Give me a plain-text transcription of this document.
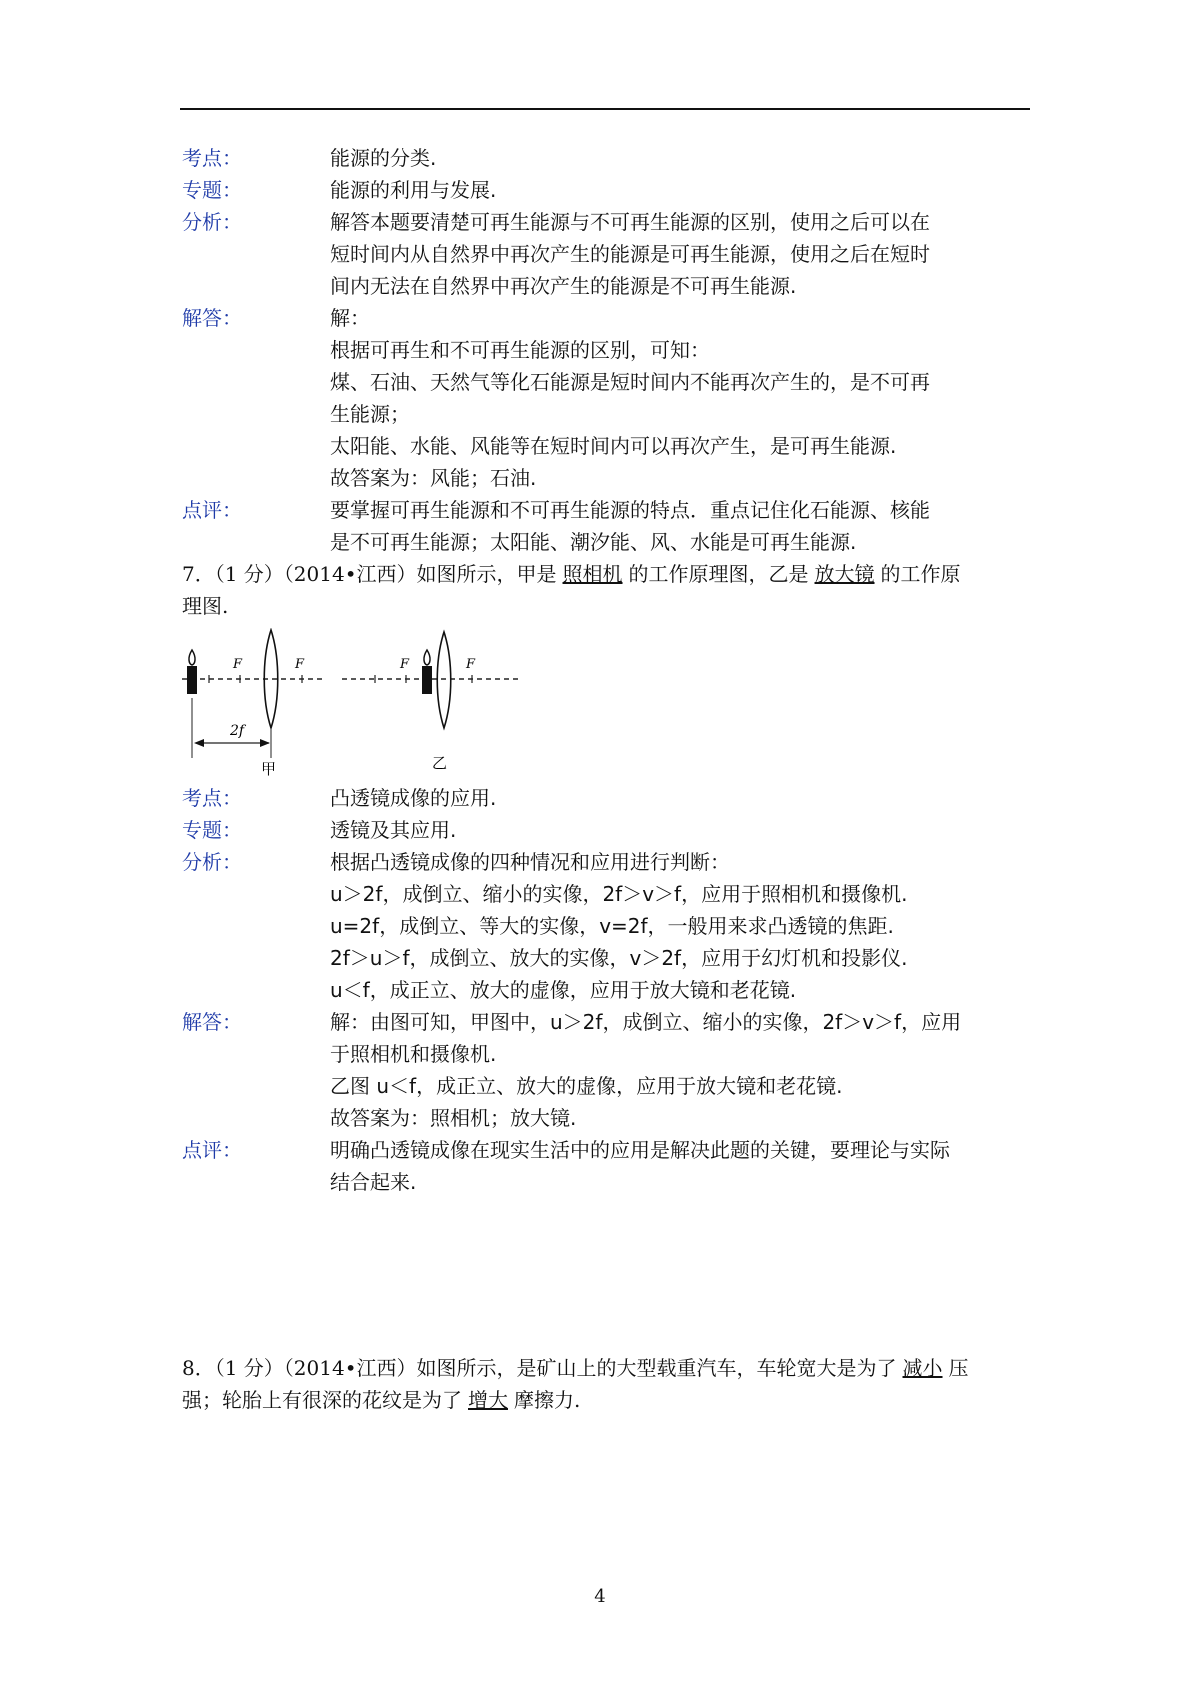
考点：	能源的分类.

专题：	能源的利用与发展.

分析：	解答本题要清楚可再生能源与不可再生能源的区别，使用之后可以在

短时间内从自然界中再次产生的能源是可再生能源，使用之后在短时

间内无法在自然界中再次产生的能源是不可再生能源.

解答：	解：

根据可再生和不可再生能源的区别，可知：

煤、石油、天然气等化石能源是短时间内不能再次产生的，是不可再

生能源；

太阳能、水能、风能等在短时间内可以再次产生，是可再生能源.

故答案为：风能；石油.

点评：	要掌握可再生能源和不可再生能源的特点．重点记住化石能源、核能

是不可再生能源；太阳能、潮汐能、风、水能是可再生能源.

7．（1 分）（2014•江西）如图所示，甲是 照相机 的工作原理图，乙是 放大镜 的工作原

理图.

F	F
2f
甲
F	F
乙
考点：	凸透镜成像的应用.

专题：	透镜及其应用.

分析：	根据凸透镜成像的四种情况和应用进行判断：

u＞2f，成倒立、缩小的实像，2f＞v＞f，应用于照相机和摄像机.

u=2f，成倒立、等大的实像，v=2f，一般用来求凸透镜的焦距.

2f＞u＞f，成倒立、放大的实像，v＞2f，应用于幻灯机和投影仪.

u＜f，成正立、放大的虚像，应用于放大镜和老花镜.

解答：	解：由图可知，甲图中，u＞2f，成倒立、缩小的实像，2f＞v＞f，应用

于照相机和摄像机.

乙图 u＜f，成正立、放大的虚像，应用于放大镜和老花镜.

故答案为：照相机；放大镜.

点评：	明确凸透镜成像在现实生活中的应用是解决此题的关键，要理论与实际

结合起来.

8．（1 分）（2014•江西）如图所示，是矿山上的大型载重汽车，车轮宽大是为了 减小 压

强；轮胎上有很深的花纹是为了 增大 摩擦力.

4
